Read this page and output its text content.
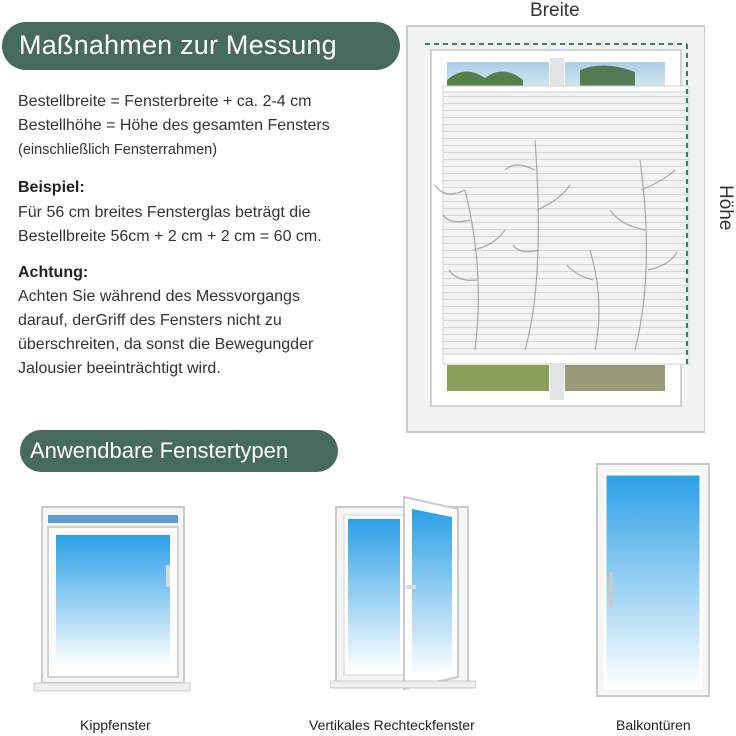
Maßnahmen zur Messung
Bestellbreite = Fensterbreite + ca. 2-4 cm
Bestellhöhe = Höhe des gesamten Fensters
(einschließlich Fensterrahmen)
Beispiel:
Für 56 cm breites Fensterglas beträgt die
Bestellbreite 56cm + 2 cm + 2 cm = 60 cm.
Achtung:
Achten Sie während des Messvorgangs
darauf, derGriff des Fensters nicht zu
überschreiten, da sonst die Bewegungder
Jalousier beeinträchtigt wird.
Breite
Höhe
Anwendbare Fenstertypen
Kippfenster	Vertikales Rechteckfenster	Balkontüren
